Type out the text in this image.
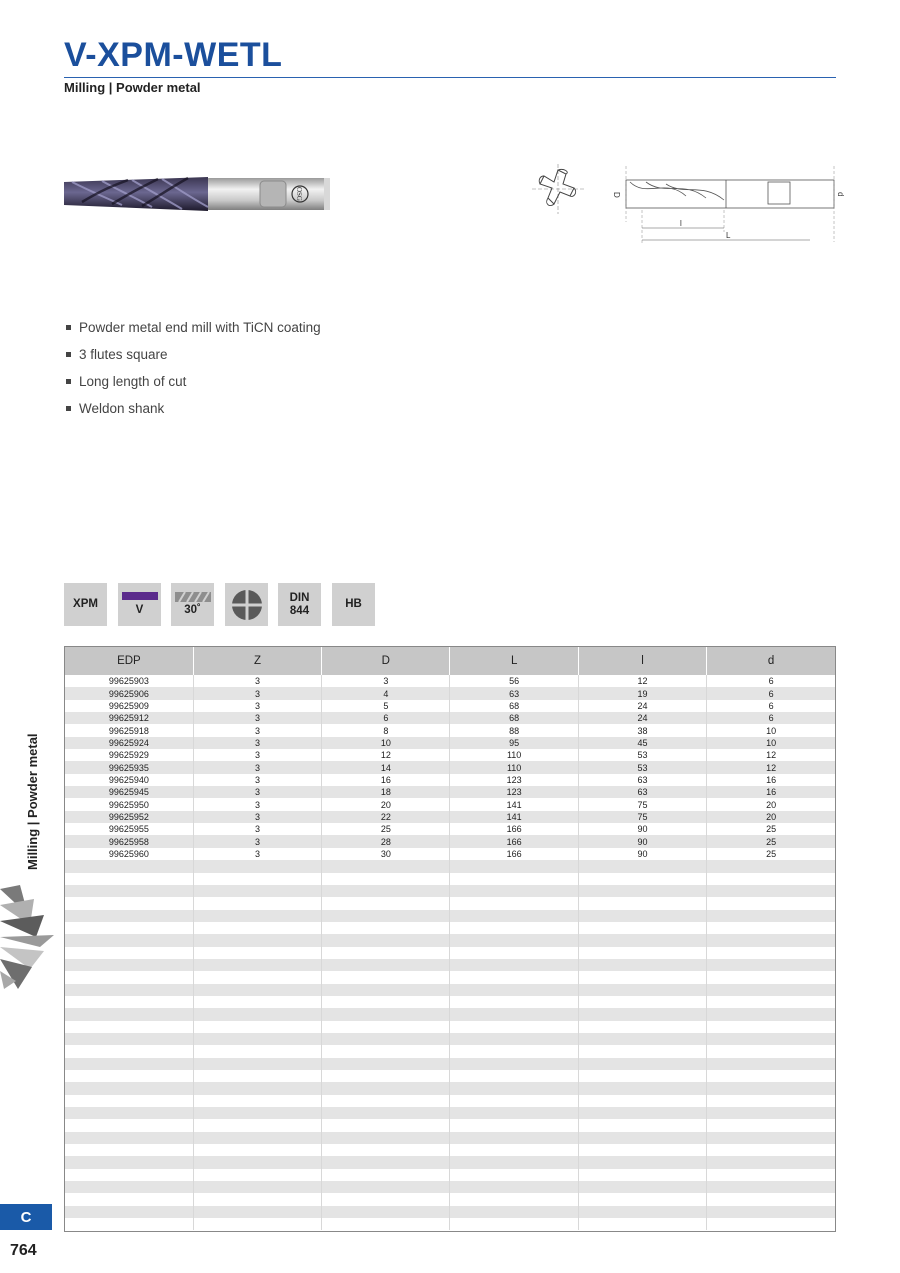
V-XPM-WETL
Milling | Powder metal
OSG	D	d
l
L
Powder metal end mill with TiCN coating
3 flutes square
Long length of cut
Weldon shank
XPM	V	30˚
DIN
844
HB
EDP	Z	D	L	l	d
99625903	3	3	56	12	6
99625906	3	4	63	19	6
99625909	3	5	68	24	6
99625912	3	6	68	24	6
99625918	3	8	88	38	10
99625924	3	10	95	45	10
99625929	3	12	110	53	12
99625935	3	14	110	53	12
99625940	3	16	123	63	16
99625945	3	18	123	63	16
99625950	3	20	141	75	20
99625952	3	22	141	75	20
99625955	3	25	166	90	25
99625958	3	28	166	90	25
99625960	3	30	166	90	25

Milling | Powder metal
C
764
